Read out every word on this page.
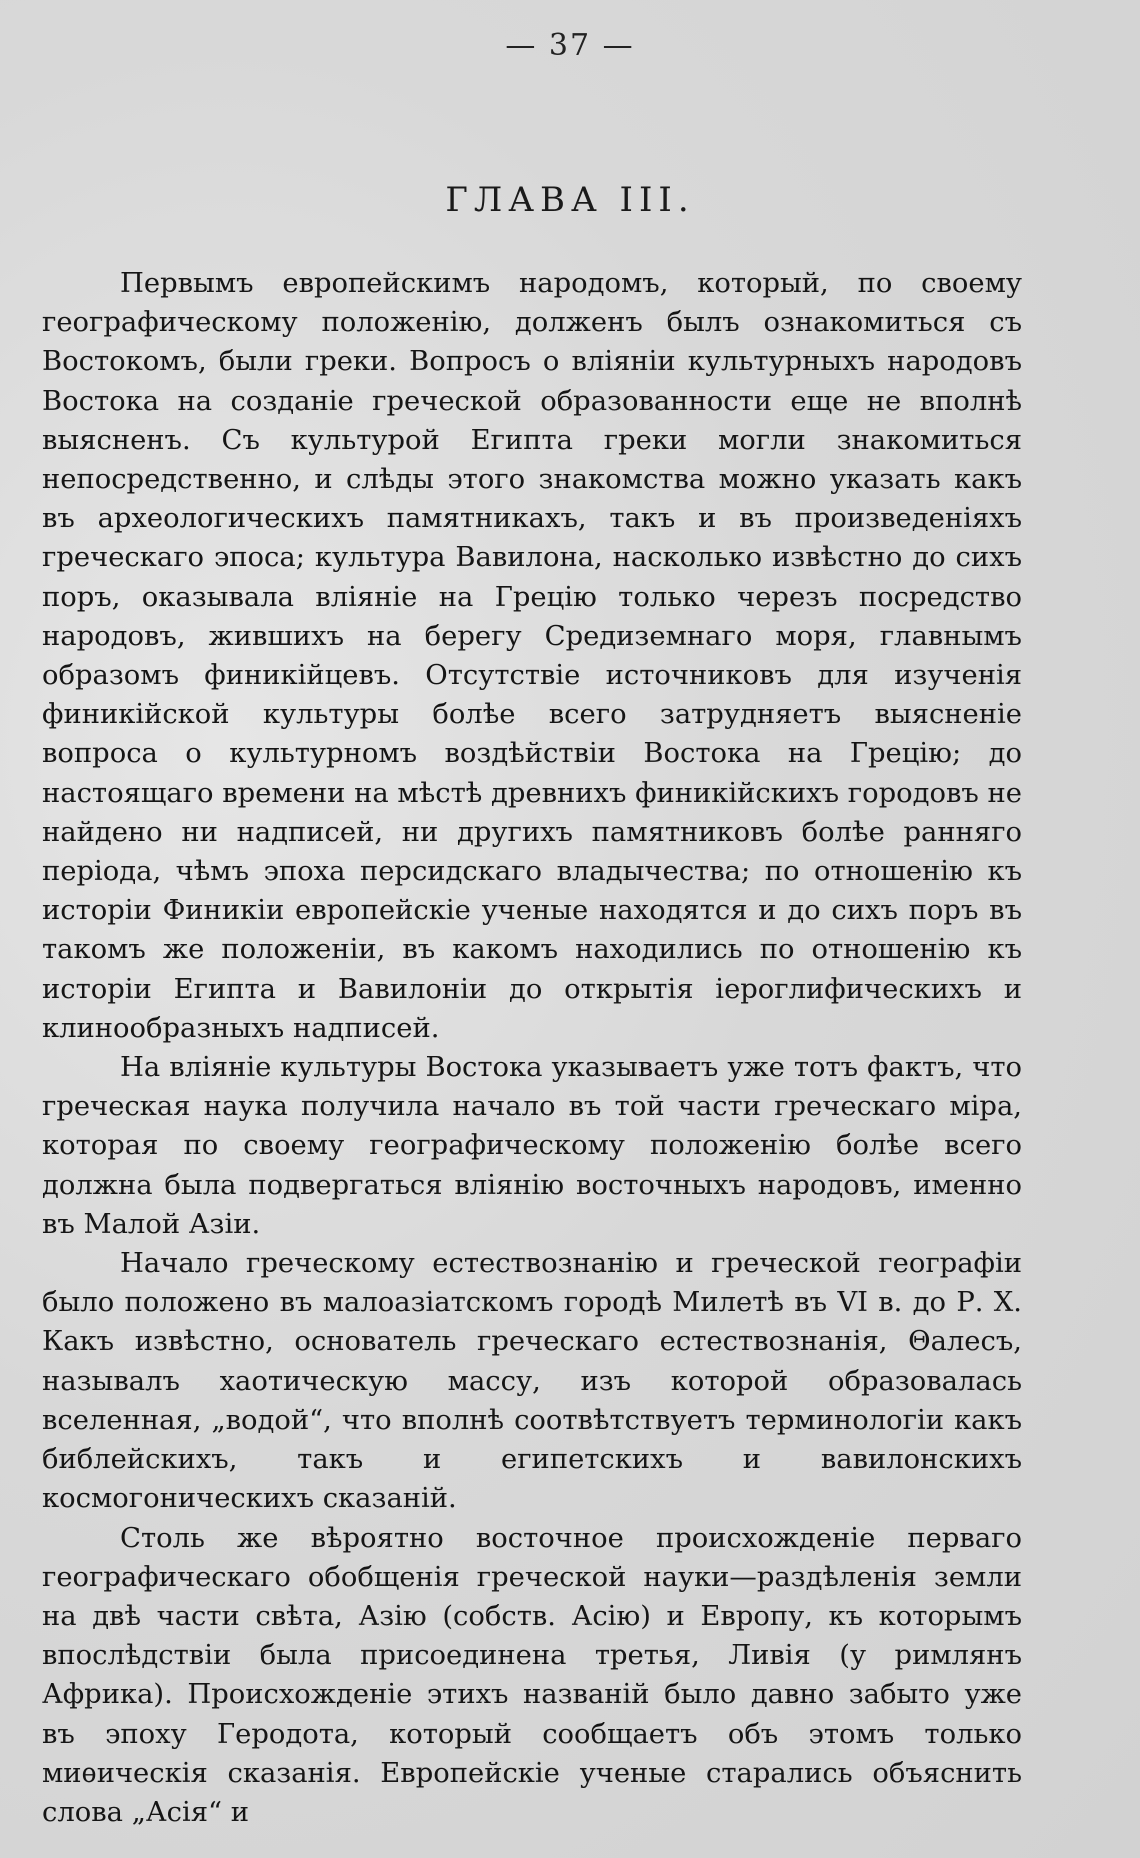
— 37 —
ГЛАВА III.

Первымъ европейскимъ народомъ, который, по своему географическому положенію, долженъ былъ ознакомиться съ Востокомъ, были греки. Вопросъ о вліяніи культурныхъ народовъ Востока на созданіе греческой образованности еще не вполнѣ выясненъ. Съ культурой Египта греки могли знакомиться непосредственно, и слѣды этого знакомства можно указать какъ въ археологическихъ памятникахъ, такъ и въ произведеніяхъ греческаго эпоса; культура Вавилона, насколько извѣстно до сихъ поръ, оказывала вліяніе на Грецію только черезъ посредство народовъ, жившихъ на берегу Средиземнаго моря, главнымъ образомъ финикійцевъ. Отсутствіе источниковъ для изученія финикійской культуры болѣе всего затрудняетъ выясненіе вопроса о культурномъ воздѣйствіи Востока на Грецію; до настоящаго времени на мѣстѣ древнихъ финикійскихъ городовъ не найдено ни надписей, ни другихъ памятниковъ болѣе ранняго періода, чѣмъ эпоха персидскаго владычества; по отношенію къ исторіи Финикіи европейскіе ученые находятся и до сихъ поръ въ такомъ же положеніи, въ какомъ находились по отношенію къ исторіи Египта и Вавилоніи до открытія іероглифическихъ и клинообразныхъ надписей.

На вліяніе культуры Востока указываетъ уже тотъ фактъ, что греческая наука получила начало въ той части греческаго міра, которая по своему географическому положенію болѣе всего должна была подвергаться вліянію восточныхъ народовъ, именно въ Малой Азіи.

Начало греческому естествознанію и греческой географіи было положено въ малоазіатскомъ городѣ Милетѣ въ VI в. до Р. Х. Какъ извѣстно, основатель греческаго естествознанія, Θалесъ, называлъ хаотическую массу, изъ которой образовалась вселенная, „водой“, что вполнѣ соотвѣтствуетъ терминологіи какъ библейскихъ, такъ и египетскихъ и вавилонскихъ космогоническихъ сказаній.

Столь же вѣроятно восточное происхожденіе перваго географическаго обобщенія греческой науки—раздѣленія земли на двѣ части свѣта, Азію (собств. Асію) и Европу, къ которымъ впослѣдствіи была присоединена третья, Ливія (у римлянъ Африка). Происхожденіе этихъ названій было давно забыто уже въ эпоху Геродота, который сообщаетъ объ этомъ только миѳическія сказанія. Европейскіе ученые старались объяснить слова „Асія“ и
